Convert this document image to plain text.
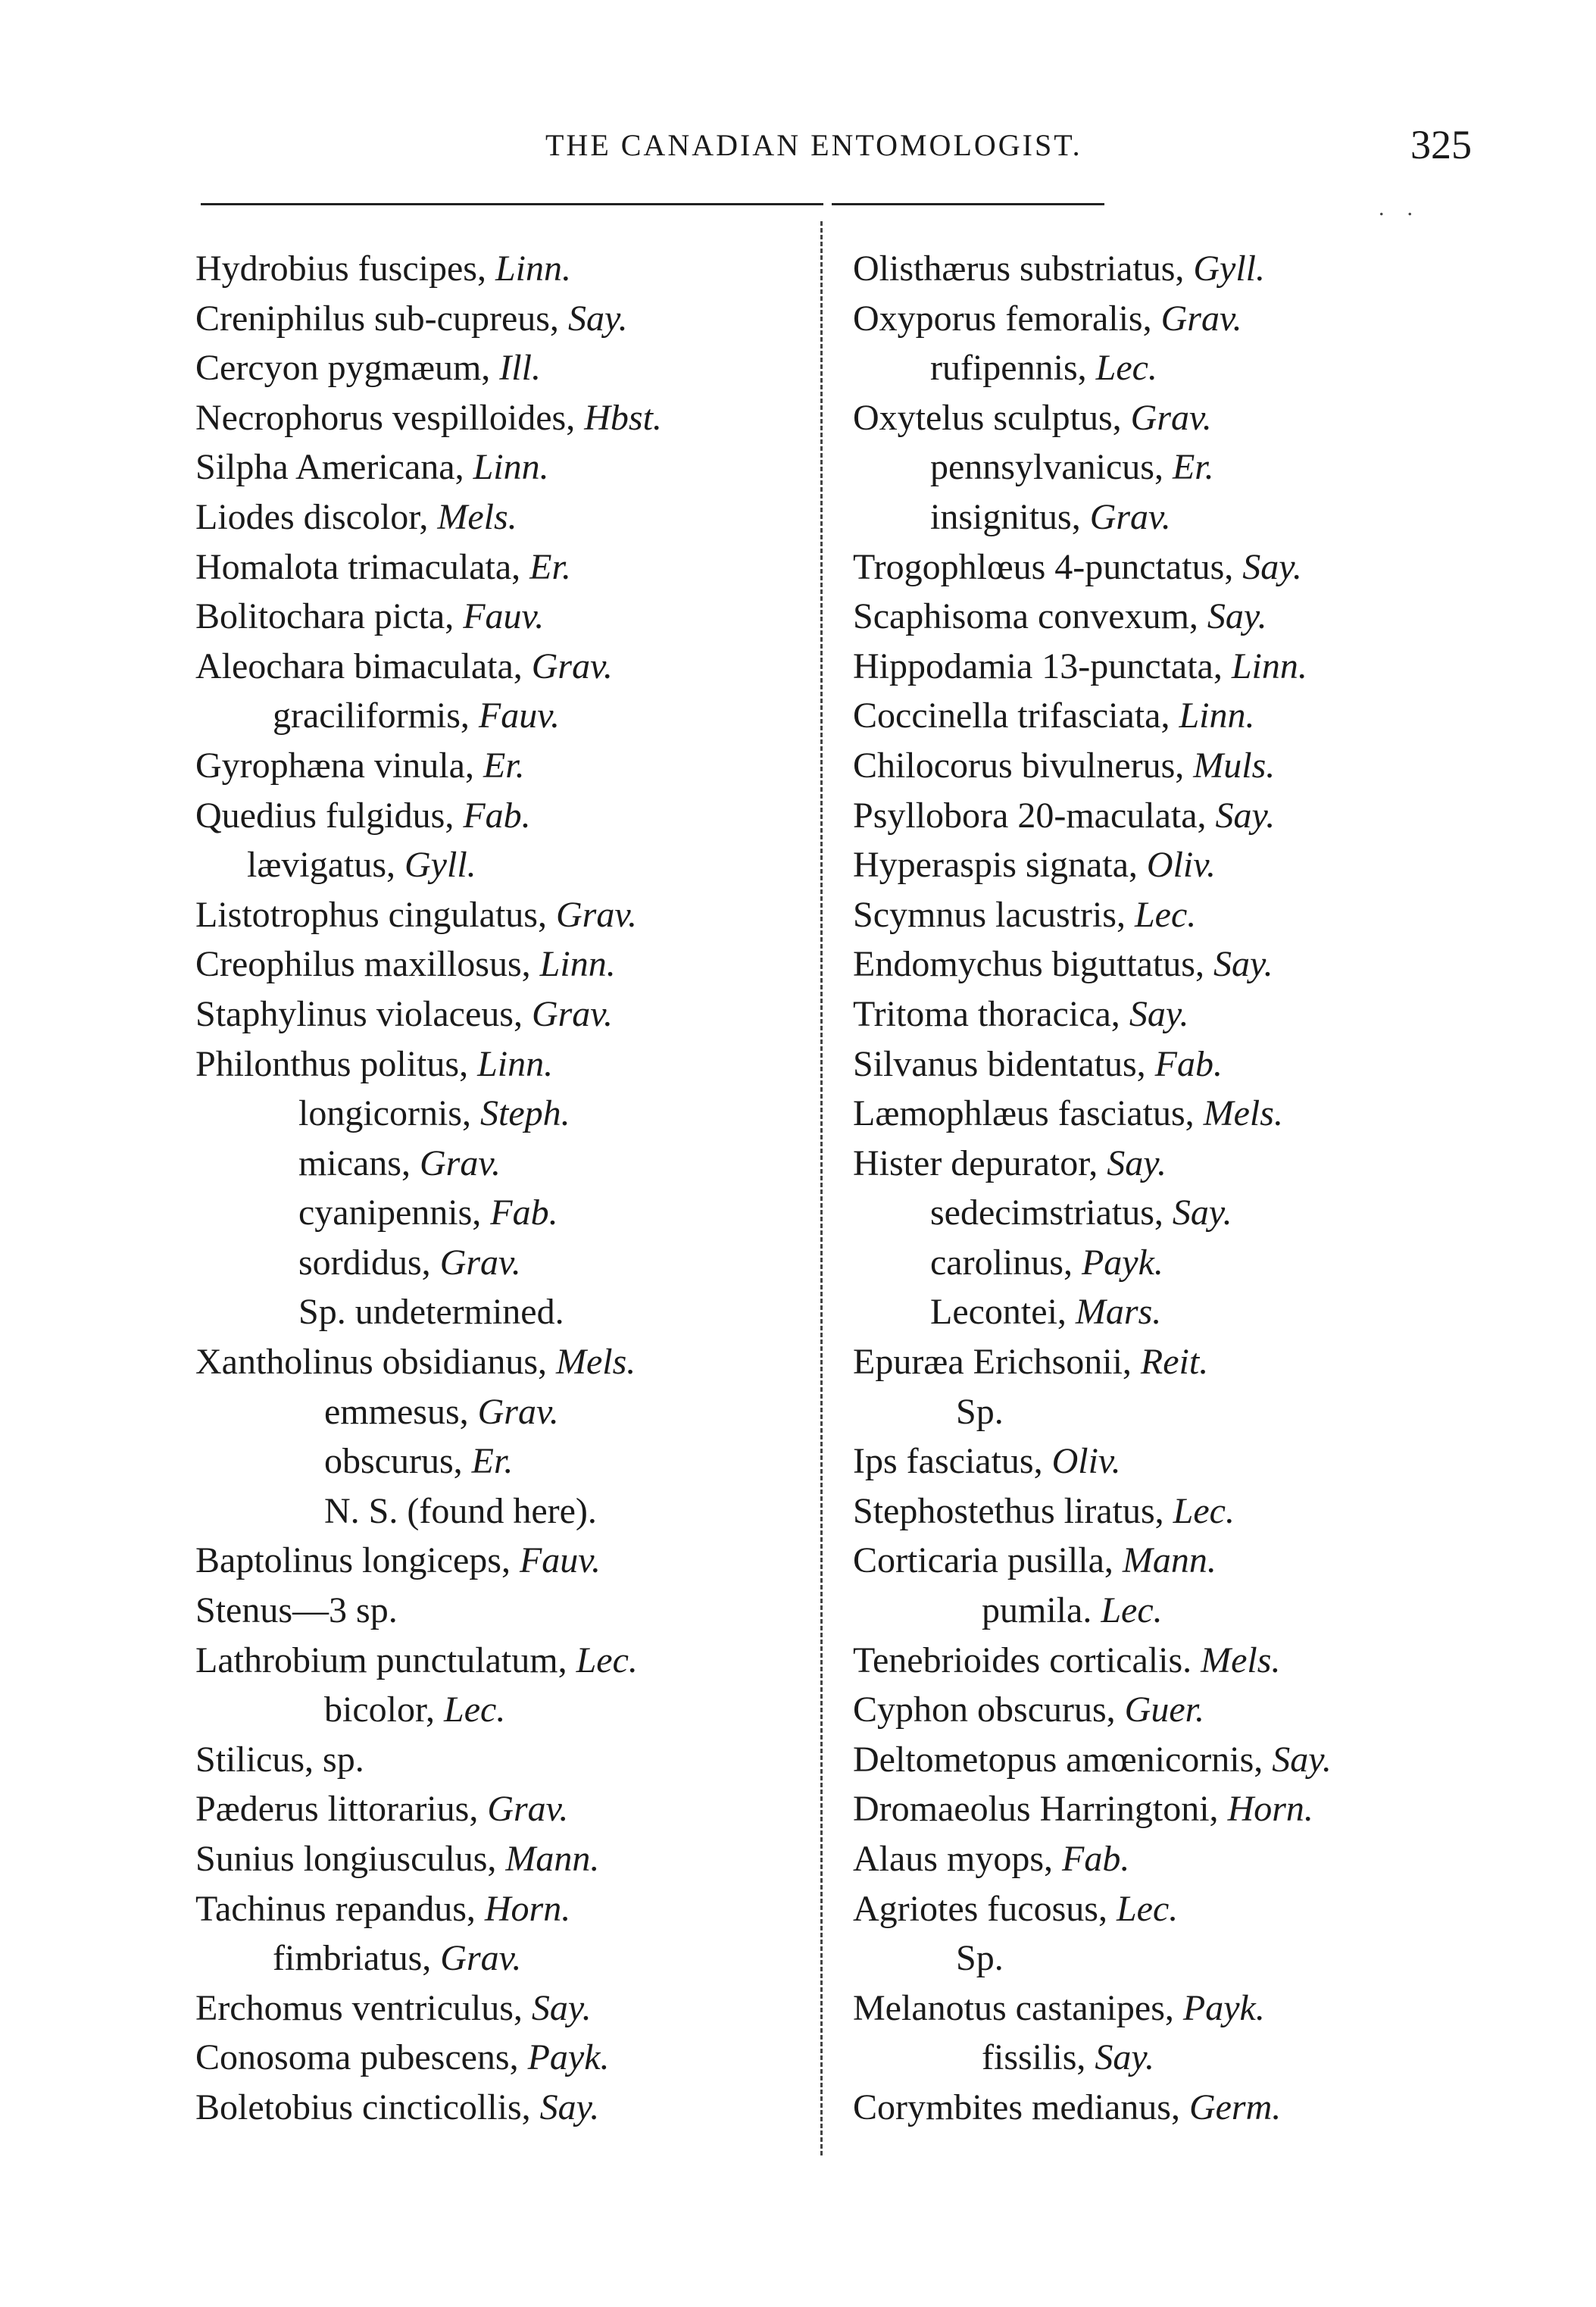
THE CANADIAN ENTOMOLOGIST.	325
..
Hydrobius fuscipes, Linn.
Creniphilus sub-cupreus, Say.
Cercyon pygmæum, Ill.
Necrophorus vespilloides, Hbst.
Silpha Americana, Linn.
Liodes discolor, Mels.
Homalota trimaculata, Er.
Bolitochara picta, Fauv.
Aleochara bimaculata, Grav.
graciliformis, Fauv.
Gyrophæna vinula, Er.
Quedius fulgidus, Fab.
lævigatus, Gyll.
Listotrophus cingulatus, Grav.
Creophilus maxillosus, Linn.
Staphylinus violaceus, Grav.
Philonthus politus, Linn.
longicornis, Steph.
micans, Grav.
cyanipennis, Fab.
sordidus, Grav.
Sp. undetermined.
Xantholinus obsidianus, Mels.
emmesus, Grav.
obscurus, Er.
N. S. (found here).
Baptolinus longiceps, Fauv.
Stenus—3 sp.
Lathrobium punctulatum, Lec.
bicolor, Lec.
Stilicus, sp.
Pæderus littorarius, Grav.
Sunius longiusculus, Mann.
Tachinus repandus, Horn.
fimbriatus, Grav.
Erchomus ventriculus, Say.
Conosoma pubescens, Payk.
Boletobius cincticollis, Say.
Olisthærus substriatus, Gyll.
Oxyporus femoralis, Grav.
rufipennis, Lec.
Oxytelus sculptus, Grav.
pennsylvanicus, Er.
insignitus, Grav.
Trogophlœus 4-punctatus, Say.
Scaphisoma convexum, Say.
Hippodamia 13-punctata, Linn.
Coccinella trifasciata, Linn.
Chilocorus bivulnerus, Muls.
Psyllobora 20-maculata, Say.
Hyperaspis signata, Oliv.
Scymnus lacustris, Lec.
Endomychus biguttatus, Say.
Tritoma thoracica, Say.
Silvanus bidentatus, Fab.
Læmophlæus fasciatus, Mels.
Hister depurator, Say.
sedecimstriatus, Say.
carolinus, Payk.
Lecontei, Mars.
Epuræa Erichsonii, Reit.
Sp.
Ips fasciatus, Oliv.
Stephostethus liratus, Lec.
Corticaria pusilla, Mann.
pumila. Lec.
Tenebrioides corticalis. Mels.
Cyphon obscurus, Guer.
Deltometopus amœnicornis, Say.
Dromaeolus Harringtoni, Horn.
Alaus myops, Fab.
Agriotes fucosus, Lec.
Sp.
Melanotus castanipes, Payk.
fissilis, Say.
Corymbites medianus, Germ.
